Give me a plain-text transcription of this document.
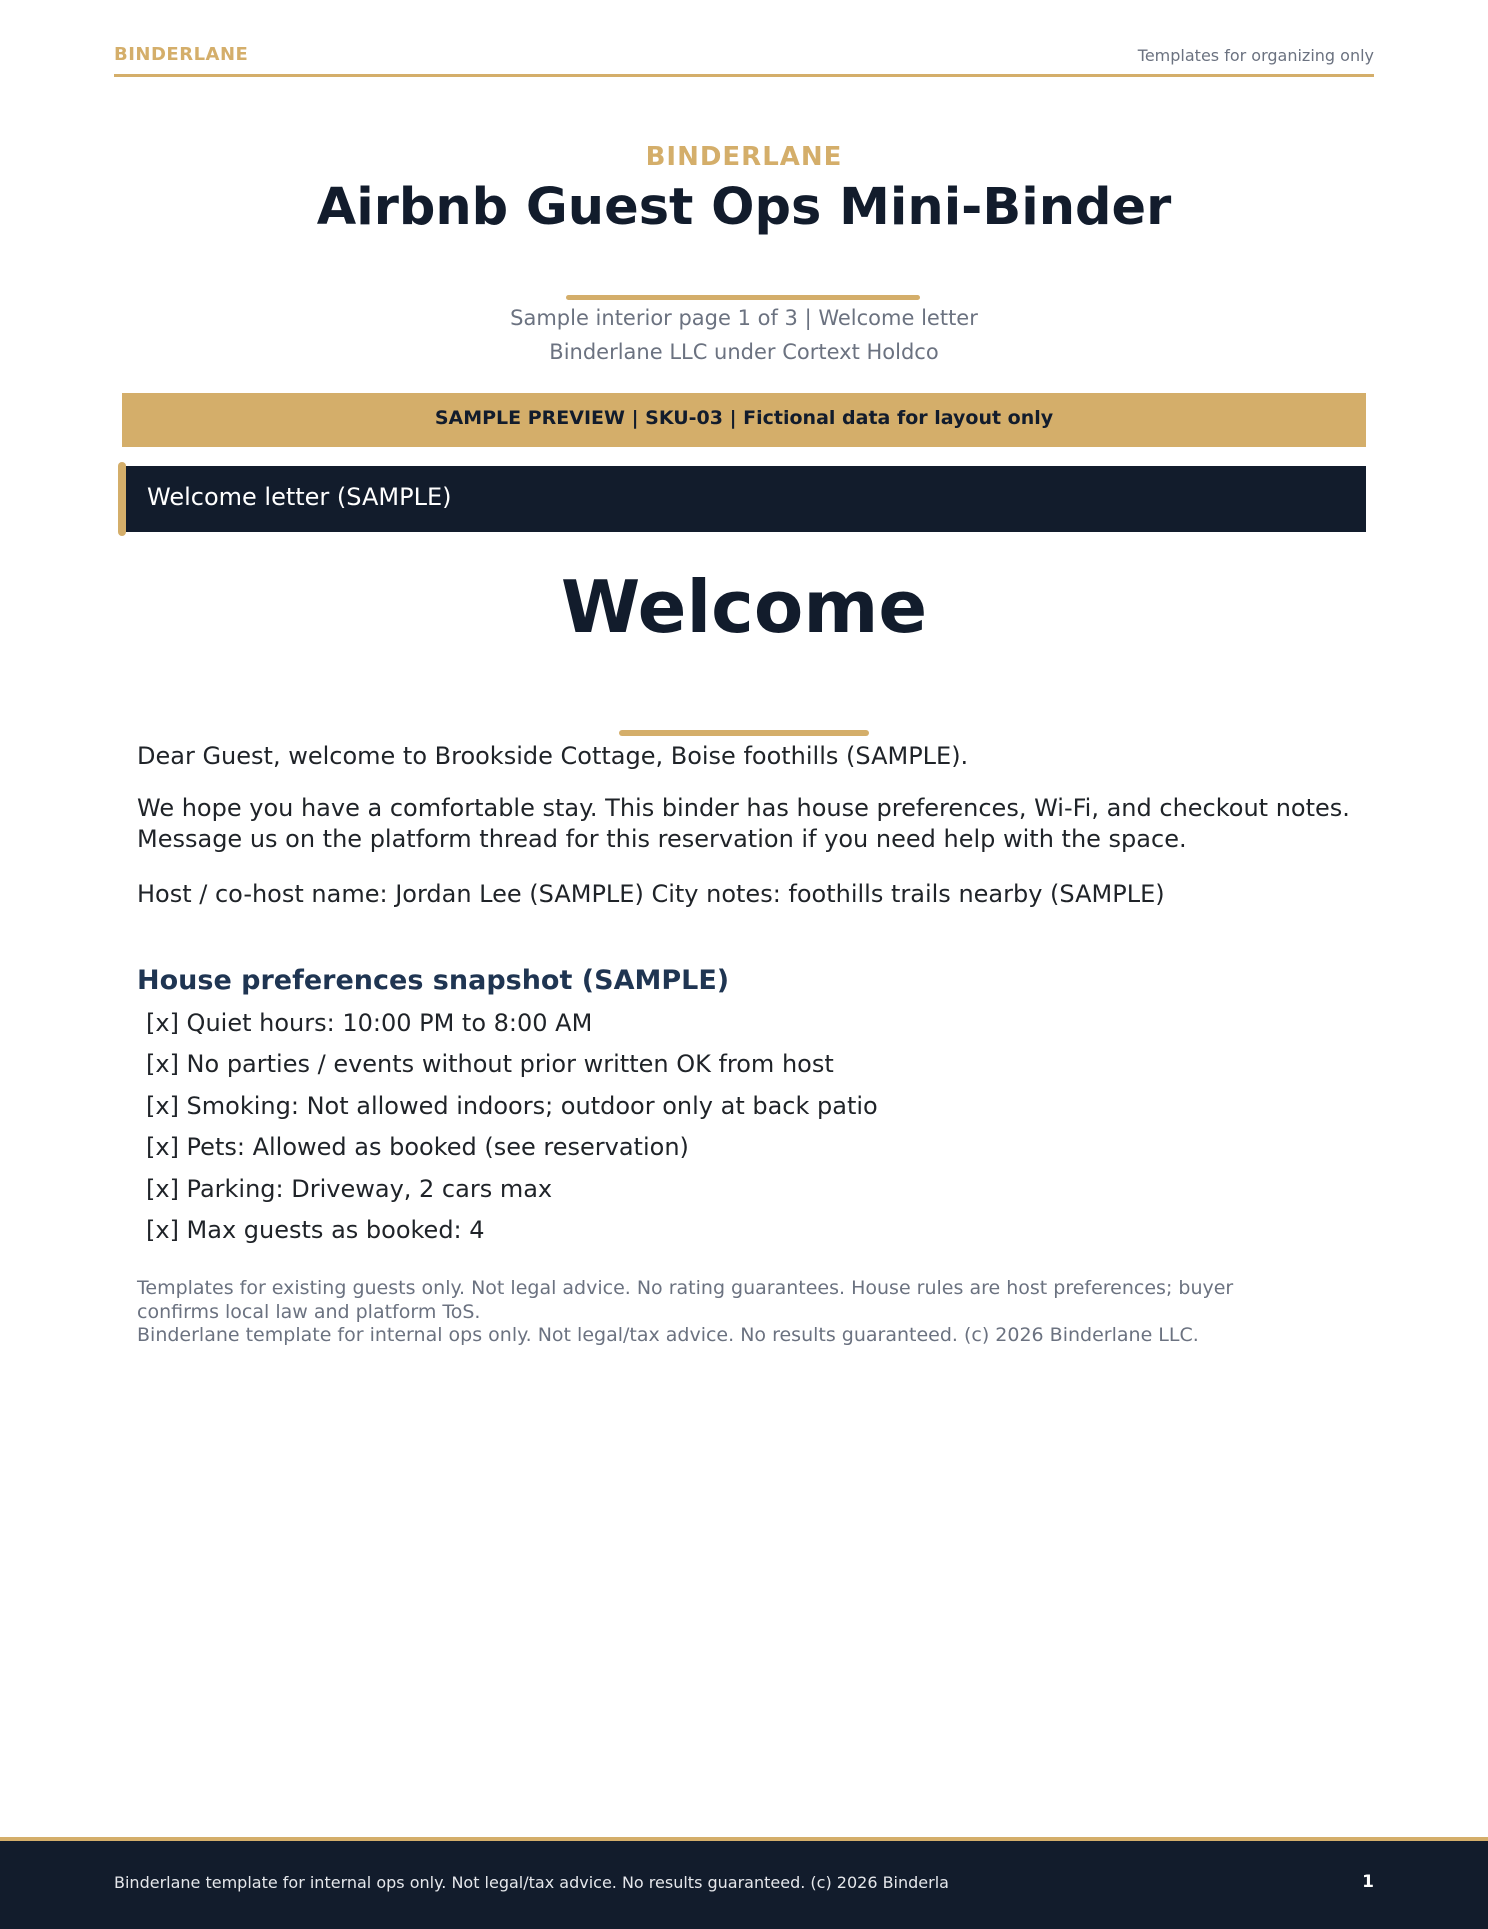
BINDERLANE	Templates for organizing only
BINDERLANE
Airbnb Guest Ops Mini-Binder
Sample interior page 1 of 3 | Welcome letter
Binderlane LLC under Cortext Holdco
SAMPLE PREVIEW | SKU-03 | Fictional data for layout only
Welcome letter (SAMPLE)
Welcome
Dear Guest, welcome to Brookside Cottage, Boise foothills (SAMPLE).
We hope you have a comfortable stay. This binder has house preferences, Wi-Fi, and checkout notes. Message us on the platform thread for this reservation if you need help with the space.
Host / co-host name: Jordan Lee (SAMPLE) City notes: foothills trails nearby (SAMPLE)
House preferences snapshot (SAMPLE)
[x] Quiet hours: 10:00 PM to 8:00 AM
[x] No parties / events without prior written OK from host
[x] Smoking: Not allowed indoors; outdoor only at back patio
[x] Pets: Allowed as booked (see reservation)
[x] Parking: Driveway, 2 cars max
[x] Max guests as booked: 4
Templates for existing guests only. Not legal advice. No rating guarantees. House rules are host preferences; buyer confirms local law and platform ToS.
Binderlane template for internal ops only. Not legal/tax advice. No results guaranteed. (c) 2026 Binderlane LLC.
Binderlane template for internal ops only. Not legal/tax advice. No results guaranteed. (c) 2026 Binderla	1
